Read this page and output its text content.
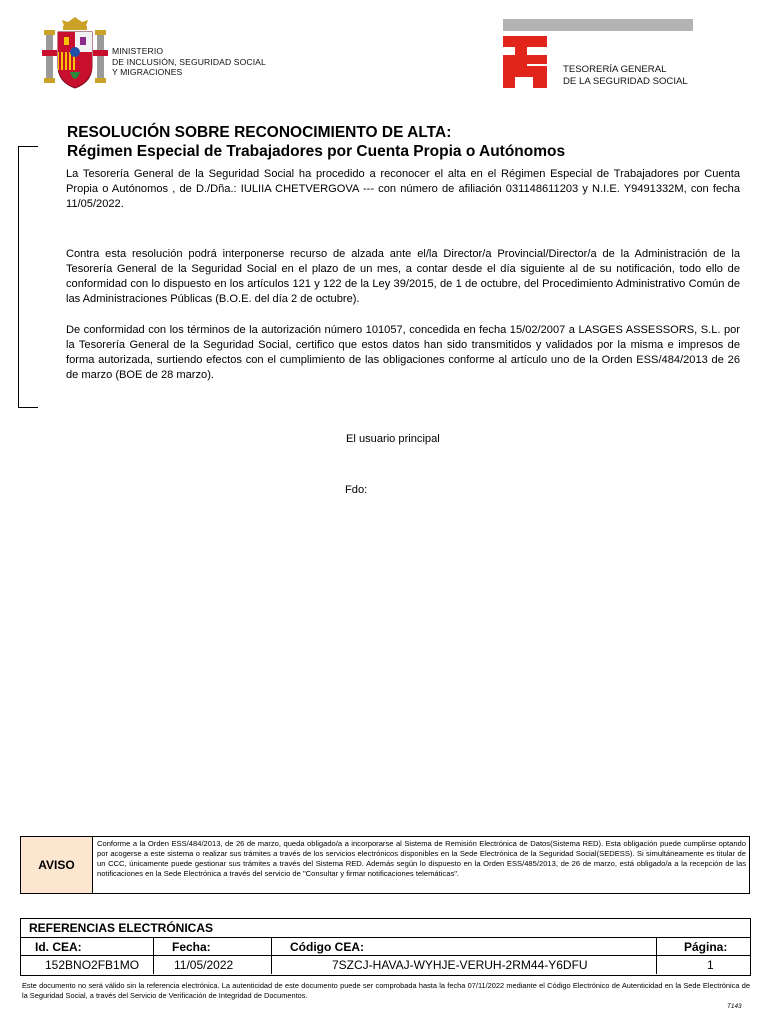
MINISTERIO
DE INCLUSIÓN, SEGURIDAD SOCIAL
Y MIGRACIONES	TESORERÍA GENERAL
DE LA SEGURIDAD SOCIAL
RESOLUCIÓN SOBRE RECONOCIMIENTO DE ALTA:
Régimen Especial de Trabajadores por Cuenta Propia o Autónomos
La Tesorería General de la Seguridad Social ha procedido a reconocer el alta en el Régimen Especial de Trabajadores por Cuenta Propia o Autónomos , de D./Dña.: IULIIA CHETVERGOVA --- con número de afiliación 031148611203 y N.I.E. Y9491332M, con fecha 11/05/2022.
Contra esta resolución podrá interponerse recurso de alzada ante el/la Director/a Provincial/Director/a de la Administración de la Tesorería General de la Seguridad Social en el plazo de un mes, a contar desde el día siguiente al de su notificación, todo ello de conformidad con lo dispuesto en los artículos 121 y 122 de la Ley 39/2015, de 1 de octubre, del Procedimiento Administrativo Común de las Administraciones Públicas (B.O.E. del día 2 de octubre).
De conformidad con los términos de la autorización número 101057, concedida en fecha 15/02/2007 a LASGES ASSESSORS, S.L. por la Tesorería General de la Seguridad Social, certifico que estos datos han sido transmitidos y validados por la misma e impresos de forma autorizada, surtiendo efectos con el cumplimiento de las obligaciones conforme al artículo uno de la Orden ESS/484/2013 de 26 de marzo (BOE de 28 marzo).
El usuario principal
Fdo:
AVISO
Conforme a la Orden ESS/484/2013, de 26 de marzo, queda obligado/a a incorporarse al Sistema de Remisión Electrónica de Datos(Sistema RED). Esta obligación puede cumplirse optando por acogerse a este sistema o realizar sus trámites a través de los servicios electrónicos disponibles en la Sede Electrónica de la Seguridad Social(SEDESS). Si simultáneamente es titular de un CCC, únicamente puede gestionar sus trámites a través del Sistema RED. Además según lo dispuesto en la Orden ESS/485/2013, de 26 de marzo, está obligado/a a la recepción de las notificaciones en la Sede Electrónica a través del servicio de "Consultar y firmar notificaciones telemáticas".
REFERENCIAS ELECTRÓNICAS
Id. CEA:	Fecha:	Código CEA:	Página:
152BNO2FB1MO	11/05/2022	7SZCJ-HAVAJ-WYHJE-VERUH-2RM44-Y6DFU	1
Este documento no será válido sin la referencia electrónica. La autenticidad de este documento puede ser comprobada hasta la fecha 07/11/2022 mediante el Código Electrónico de Autenticidad en la Sede Electrónica de la Seguridad Social, a través del Servicio de Verificación de Integridad de Documentos.
T143
